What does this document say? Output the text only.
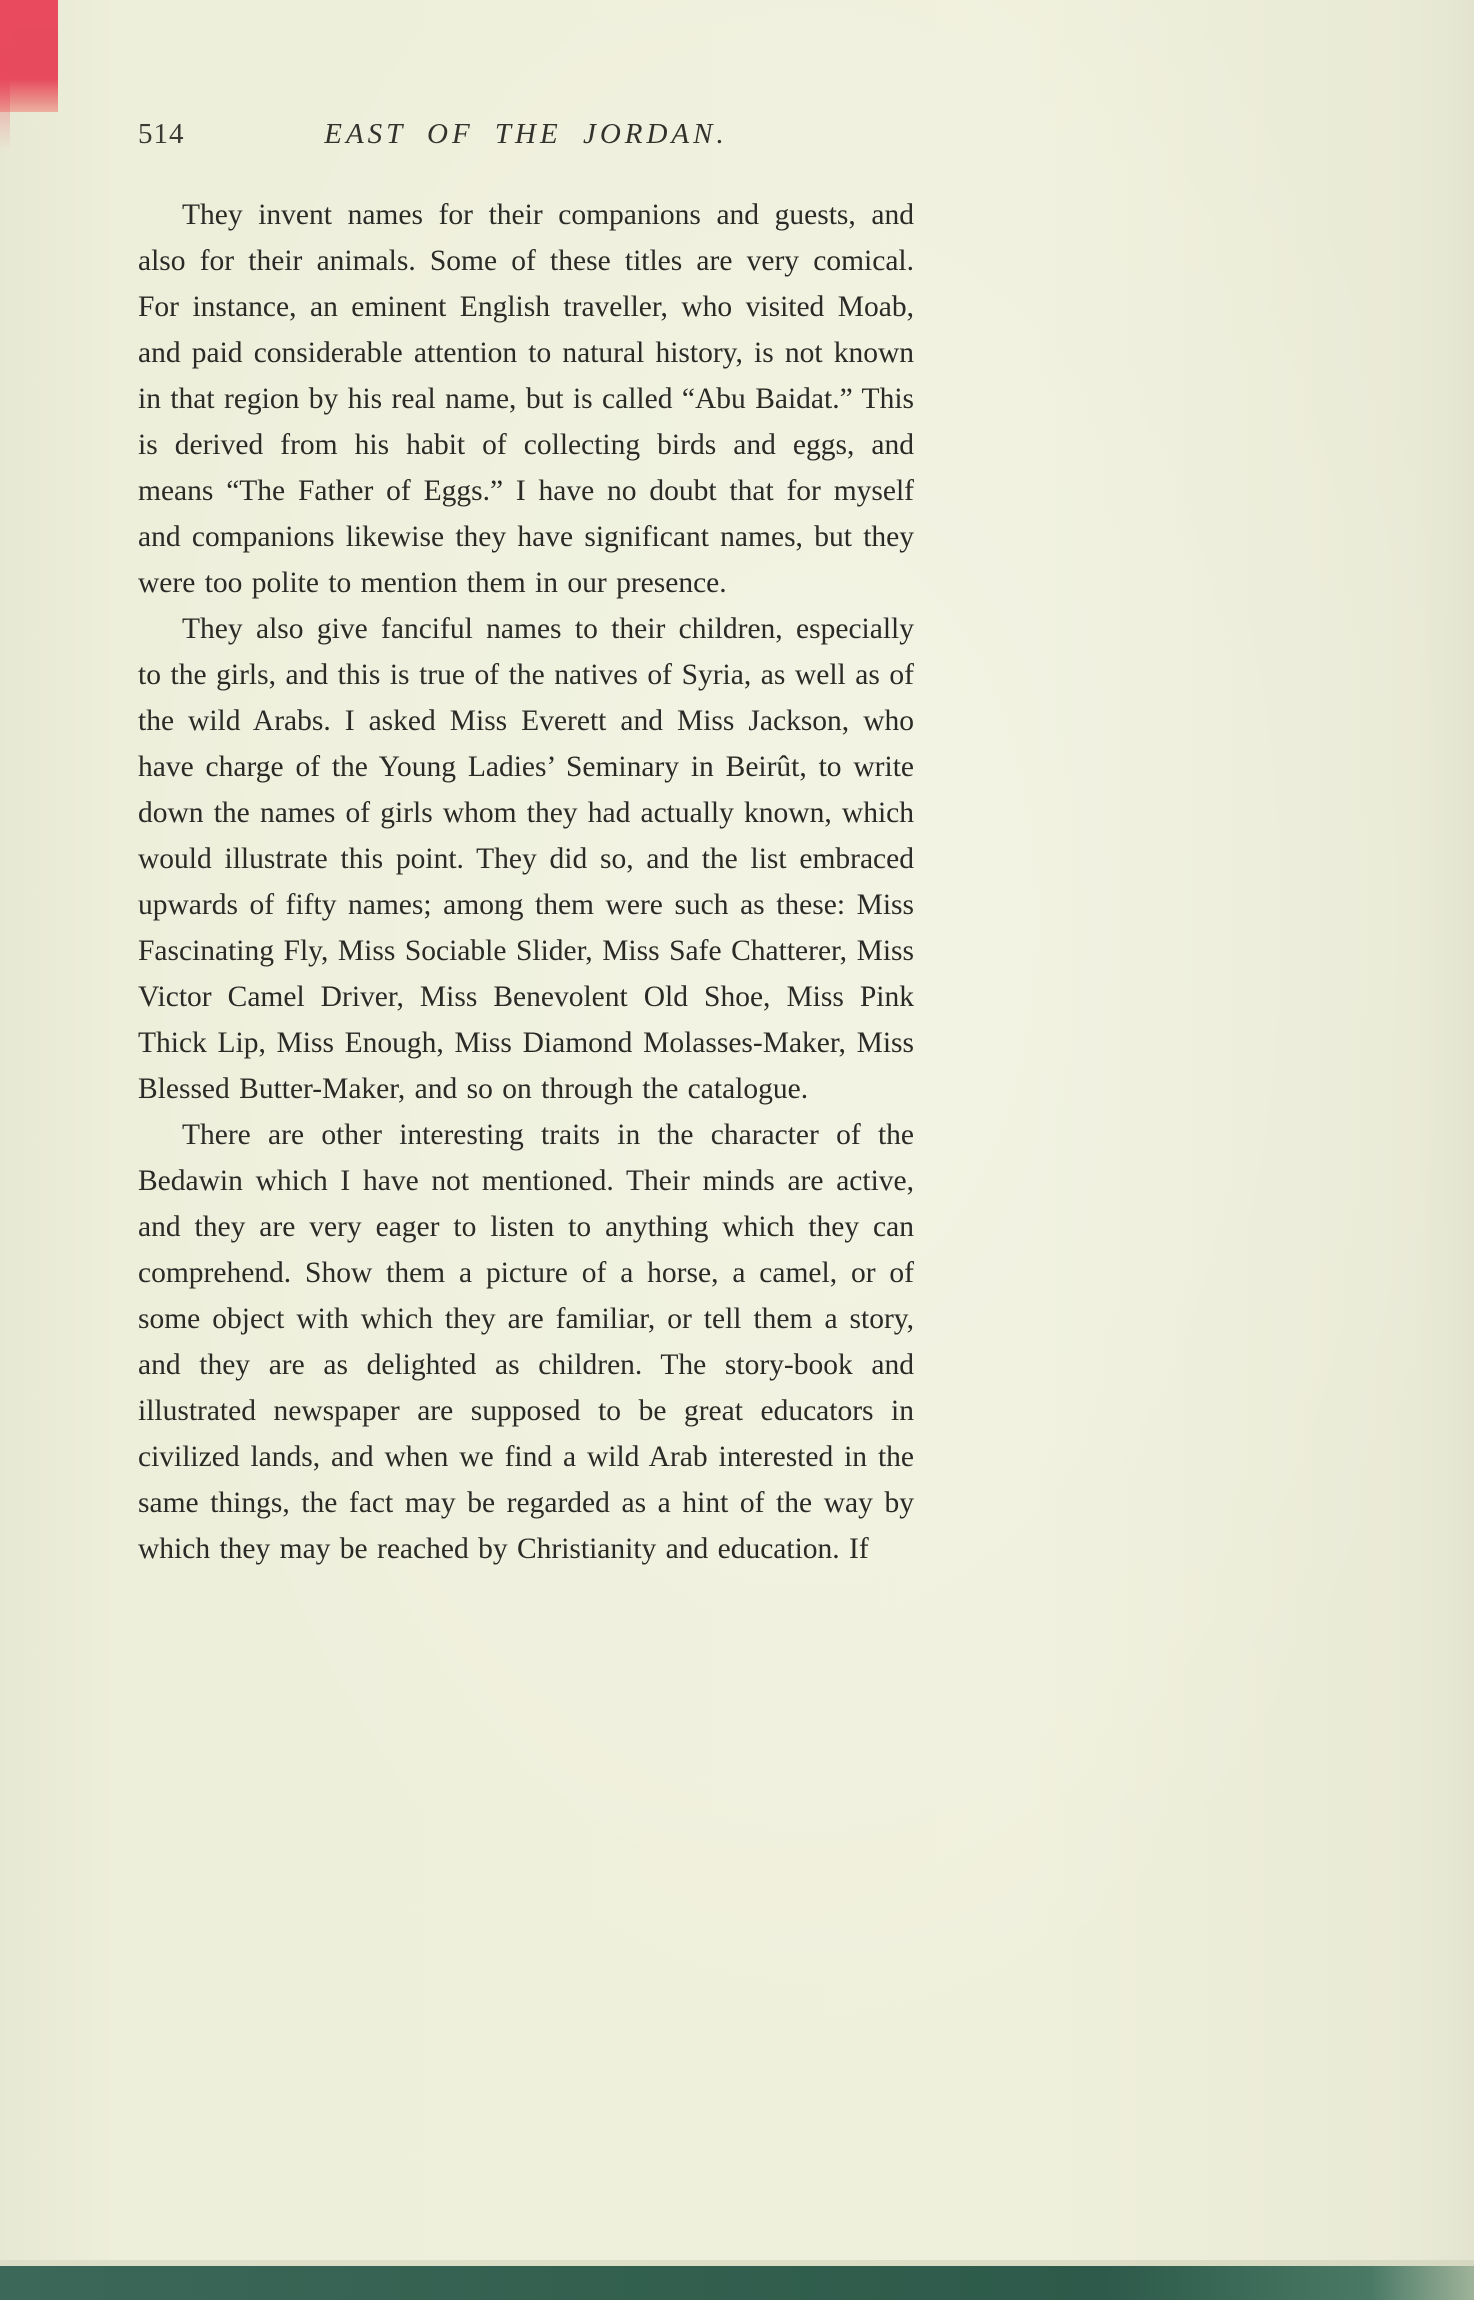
514	EAST OF THE JORDAN.

They invent names for their companions and guests, and also for their animals. Some of these titles are very comical. For instance, an eminent English traveller, who visited Moab, and paid considerable attention to natural history, is not known in that region by his real name, but is called “Abu Baidat.” This is derived from his habit of collecting birds and eggs, and means “The Father of Eggs.” I have no doubt that for myself and companions likewise they have significant names, but they were too polite to mention them in our presence.

They also give fanciful names to their children, especially to the girls, and this is true of the natives of Syria, as well as of the wild Arabs. I asked Miss Everett and Miss Jackson, who have charge of the Young Ladies’ Seminary in Beirût, to write down the names of girls whom they had actually known, which would illustrate this point. They did so, and the list embraced upwards of fifty names; among them were such as these: Miss Fascinating Fly, Miss Sociable Slider, Miss Safe Chatterer, Miss Victor Camel Driver, Miss Benevolent Old Shoe, Miss Pink Thick Lip, Miss Enough, Miss Diamond Molasses-Maker, Miss Blessed Butter-Maker, and so on through the catalogue.

There are other interesting traits in the character of the Bedawin which I have not mentioned. Their minds are active, and they are very eager to listen to anything which they can comprehend. Show them a picture of a horse, a camel, or of some object with which they are familiar, or tell them a story, and they are as delighted as children. The story-book and illustrated newspaper are supposed to be great educators in civilized lands, and when we find a wild Arab interested in the same things, the fact may be regarded as a hint of the way by which they may be reached by Christianity and education. If
